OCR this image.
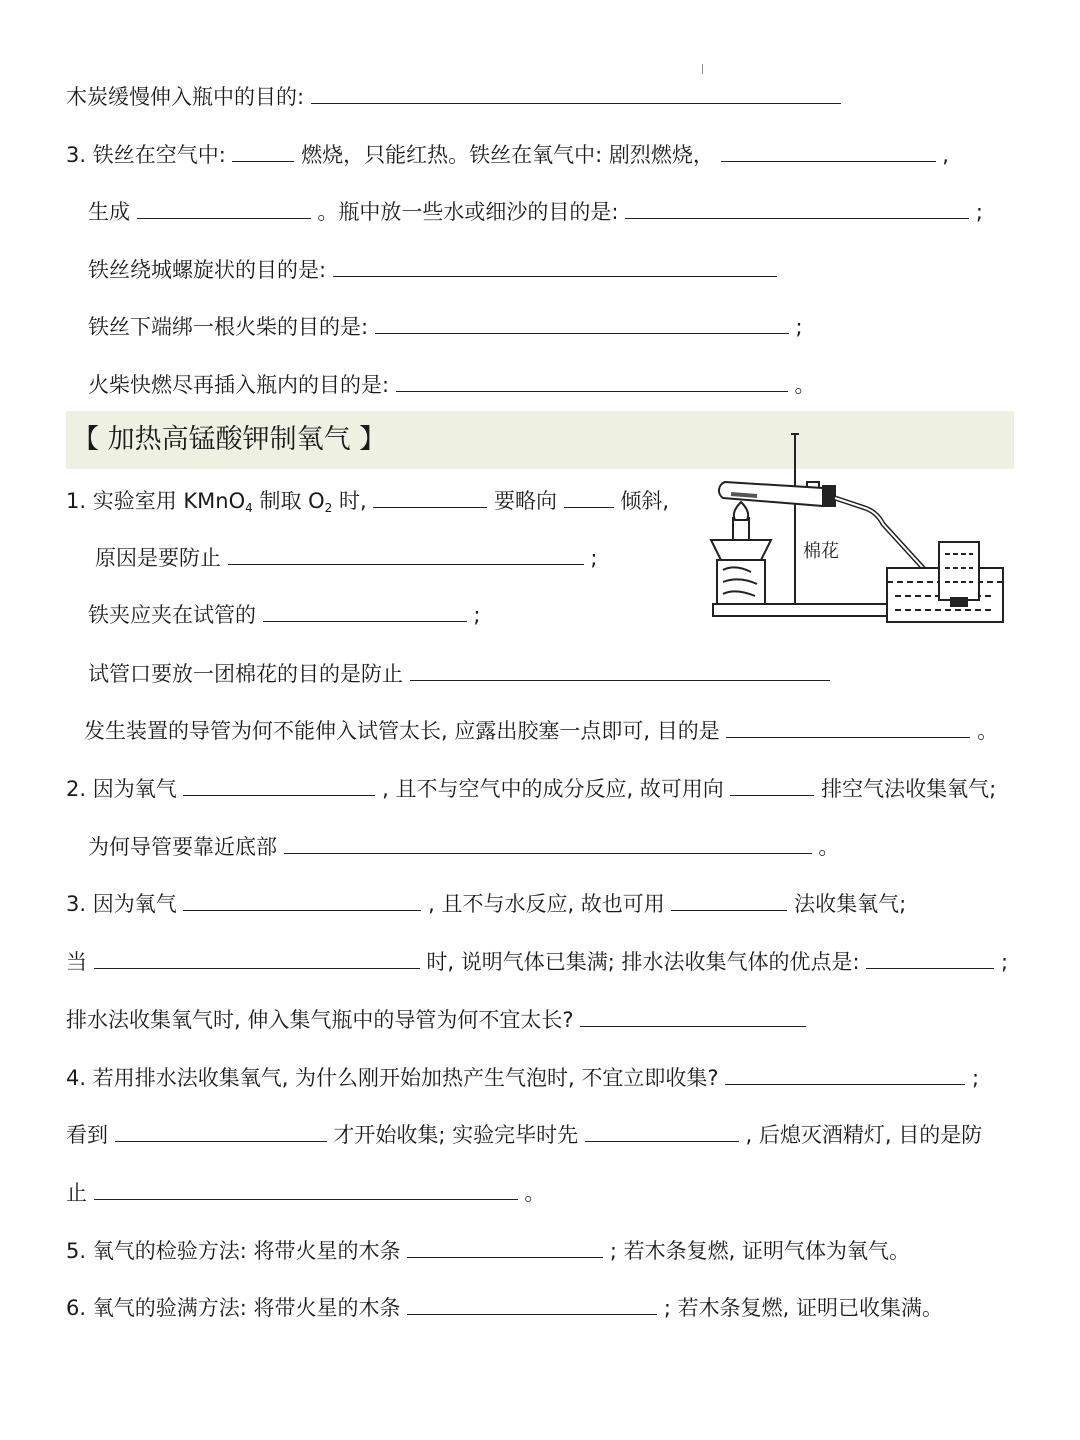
木炭缓慢伸入瓶中的目的:
3. 铁丝在空气中:	燃烧，只能红热。铁丝在氧气中: 剧烈燃烧，	,
生成	。瓶中放一些水或细沙的目的是:	;
铁丝绕城螺旋状的目的是:
铁丝下端绑一根火柴的目的是:	;
火柴快燃尽再插入瓶内的目的是:	。
【 加热高锰酸钾制氧气 】
棉花
1. 实验室用 KMnO$_4$ 制取 $O_2$ 时,	要略向	倾斜,
原因是要防止	;
铁夹应夹在试管的	;
试管口要放一团棉花的目的是防止
发生装置的导管为何不能伸入试管太长, 应露出胶塞一点即可, 目的是	。
2. 因为氧气	, 且不与空气中的成分反应, 故可用向	排空气法收集氧气;
为何导管要靠近底部	。
3. 因为氧气	, 且不与水反应, 故也可用	法收集氧气;
当	时, 说明气体已集满; 排水法收集气体的优点是:	;
排水法收集氧气时, 伸入集气瓶中的导管为何不宜太长?
4. 若用排水法收集氧气, 为什么刚开始加热产生气泡时, 不宜立即收集?	;
看到	才开始收集; 实验完毕时先	, 后熄灭酒精灯, 目的是防
止	。
5. 氧气的检验方法: 将带火星的木条	; 若木条复燃, 证明气体为氧气。
6. 氧气的验满方法: 将带火星的木条	; 若木条复燃, 证明已收集满。
